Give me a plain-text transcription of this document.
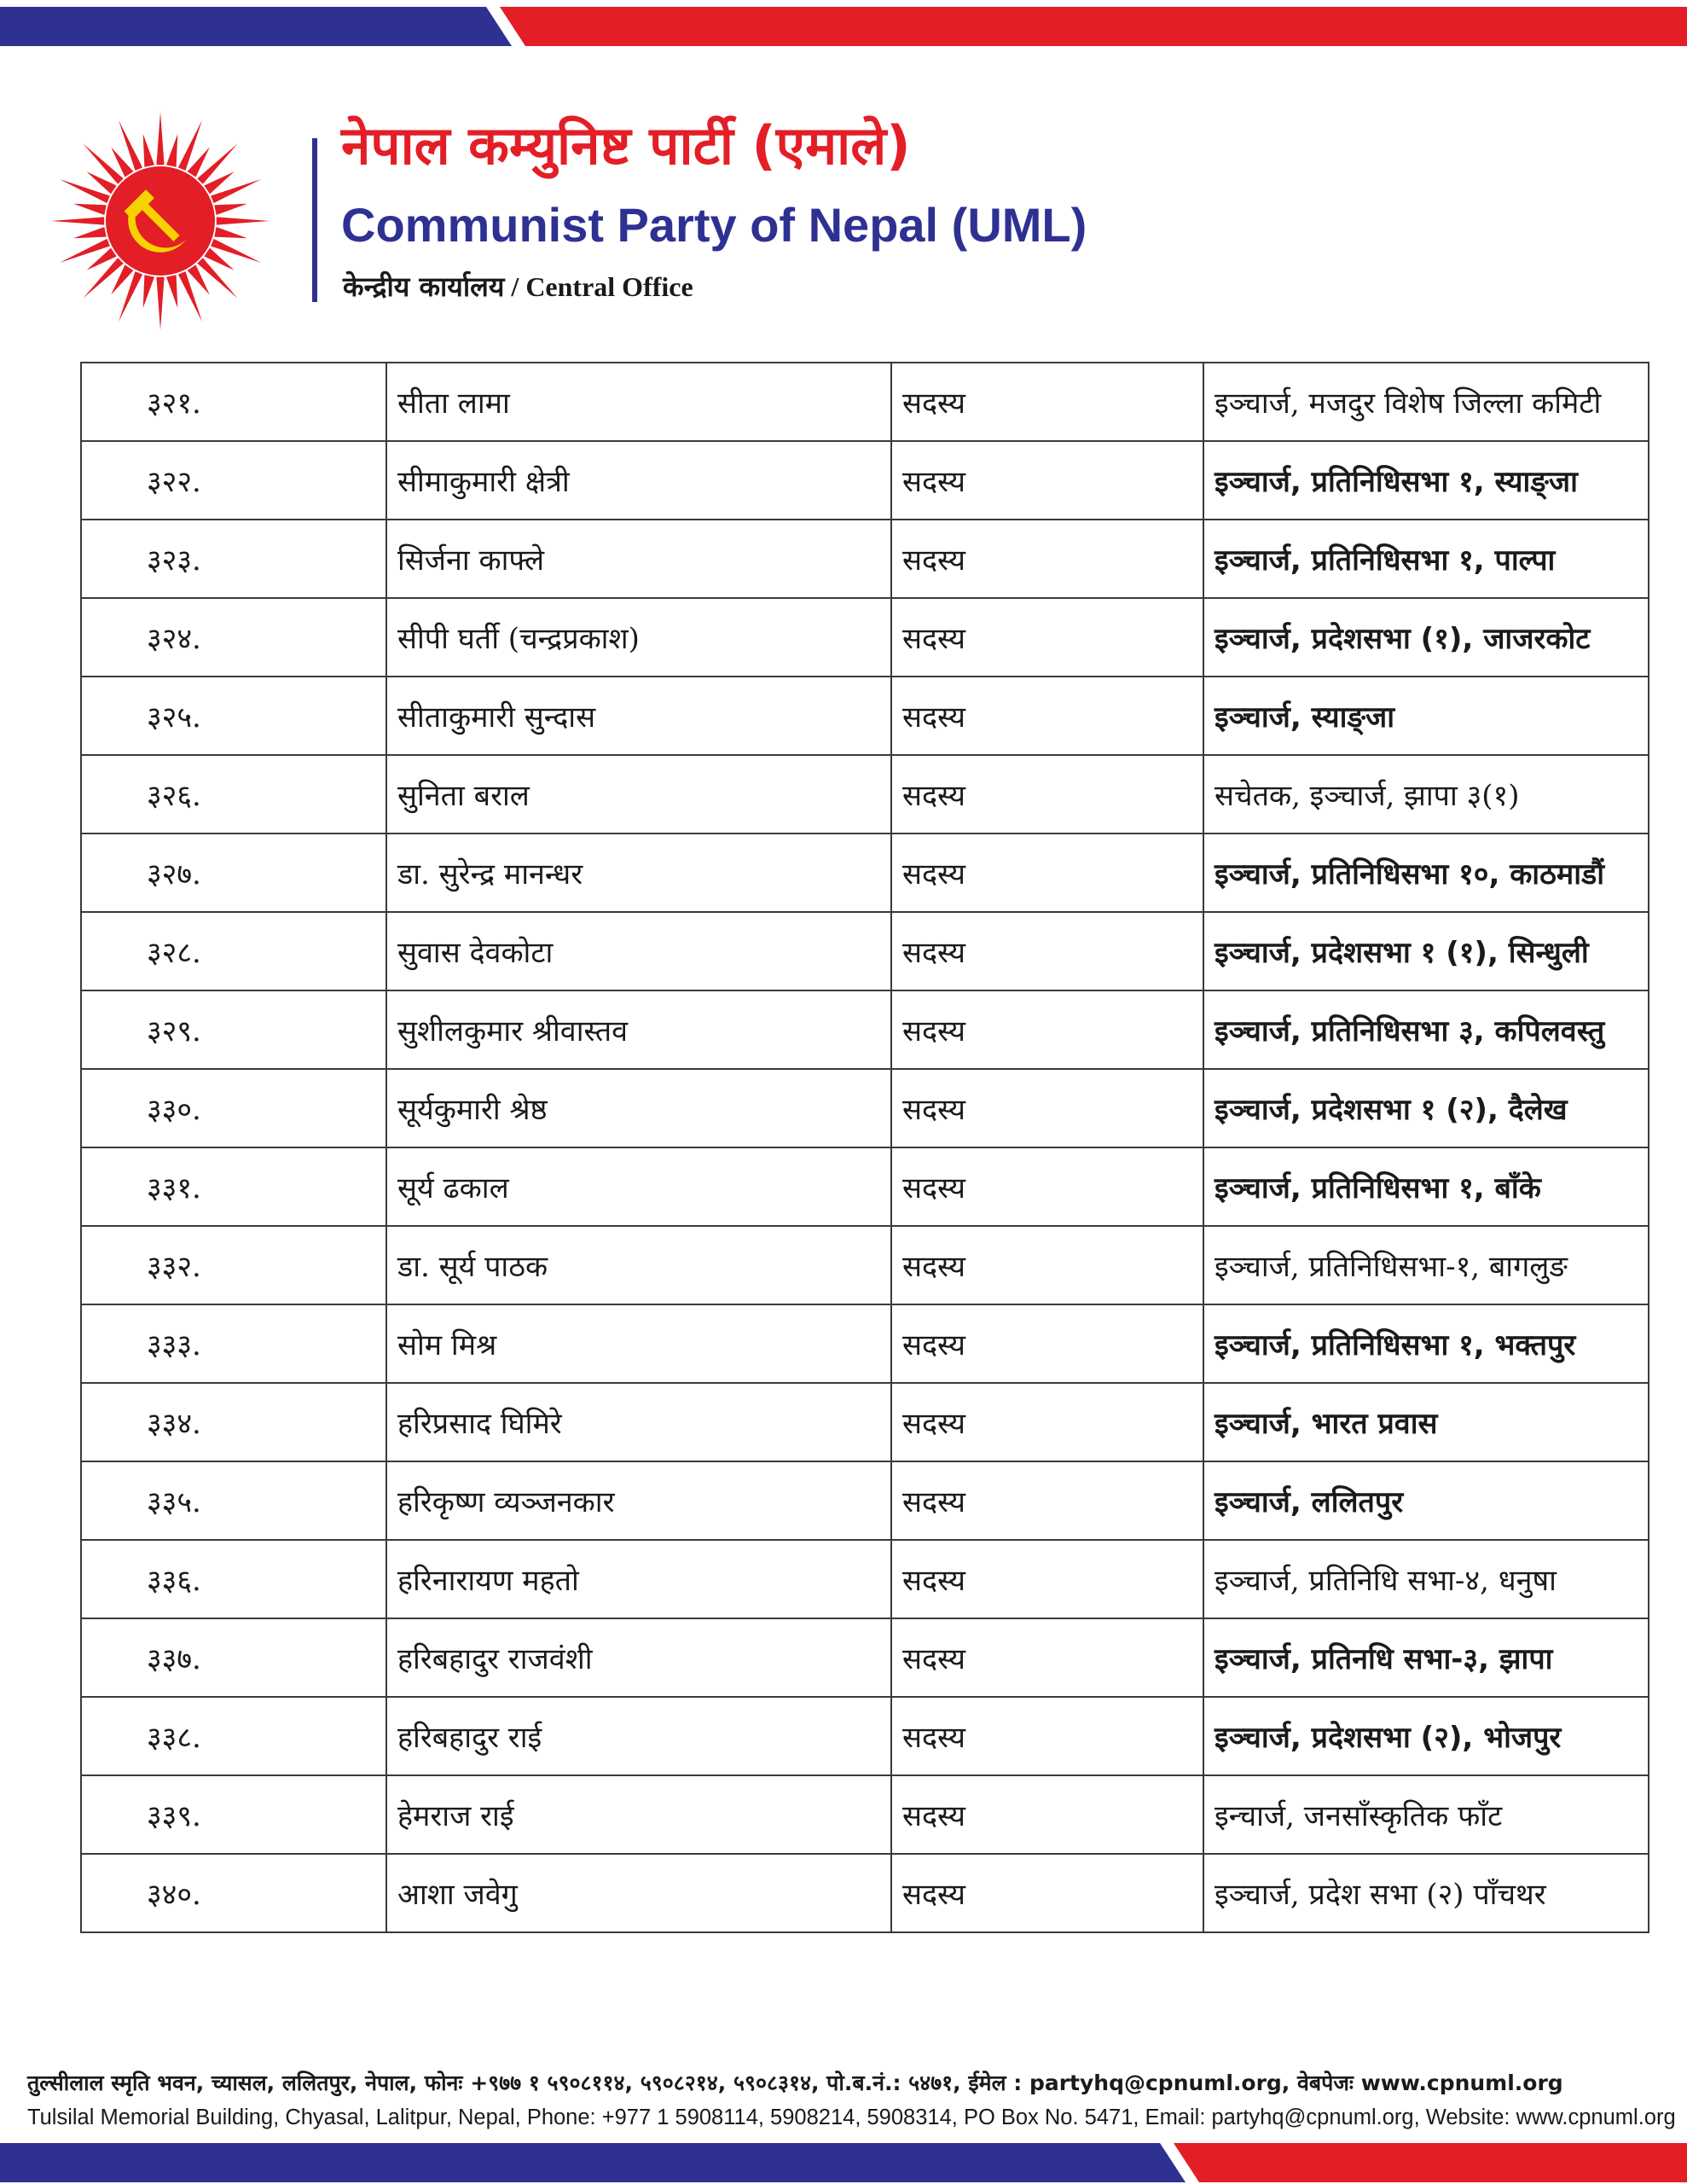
नेपाल कम्युनिष्ट पार्टी (एमाले)
Communist Party of Nepal (UML)
केन्द्रीय कार्यालय / Central Office
३२१.	सीता लामा	सदस्य	इञ्चार्ज, मजदुर विशेष जिल्ला कमिटी
३२२.	सीमाकुमारी क्षेत्री	सदस्य	इञ्चार्ज, प्रतिनिधिसभा १, स्याङ्जा
३२३.	सिर्जना काफ्ले	सदस्य	इञ्चार्ज, प्रतिनिधिसभा १, पाल्पा
३२४.	सीपी घर्ती (चन्द्रप्रकाश)	सदस्य	इञ्चार्ज, प्रदेशसभा (१), जाजरकोट
३२५.	सीताकुमारी सुन्दास	सदस्य	इञ्चार्ज, स्याङ्जा
३२६.	सुनिता बराल	सदस्य	सचेतक, इञ्चार्ज, झापा ३(१)
३२७.	डा. सुरेन्द्र मानन्धर	सदस्य	इञ्चार्ज, प्रतिनिधिसभा १०, काठमाडौं
३२८.	सुवास देवकोटा	सदस्य	इञ्चार्ज, प्रदेशसभा १ (१), सिन्धुली
३२९.	सुशीलकुमार श्रीवास्तव	सदस्य	इञ्चार्ज, प्रतिनिधिसभा ३, कपिलवस्तु
३३०.	सूर्यकुमारी श्रेष्ठ	सदस्य	इञ्चार्ज, प्रदेशसभा १ (२), दैलेख
३३१.	सूर्य ढकाल	सदस्य	इञ्चार्ज, प्रतिनिधिसभा १, बाँके
३३२.	डा. सूर्य पाठक	सदस्य	इञ्चार्ज, प्रतिनिधिसभा-१, बागलुङ
३३३.	सोम मिश्र	सदस्य	इञ्चार्ज, प्रतिनिधिसभा १, भक्तपुर
३३४.	हरिप्रसाद घिमिरे	सदस्य	इञ्चार्ज, भारत प्रवास
३३५.	हरिकृष्ण व्यञ्जनकार	सदस्य	इञ्चार्ज, ललितपुर
३३६.	हरिनारायण महतो	सदस्य	इञ्चार्ज, प्रतिनिधि सभा-४, धनुषा
३३७.	हरिबहादुर राजवंशी	सदस्य	इञ्चार्ज, प्रतिनधि सभा-३, झापा
३३८.	हरिबहादुर राई	सदस्य	इञ्चार्ज, प्रदेशसभा (२), भोजपुर
३३९.	हेमराज राई	सदस्य	इन्चार्ज, जनसाँस्कृतिक फाँट
३४०.	आशा जवेगु	सदस्य	इञ्चार्ज, प्रदेश सभा (२) पाँचथर
तुल्सीलाल स्मृति भवन, च्यासल, ललितपुर, नेपाल, फोनः +९७७ १ ५९०८११४, ५९०८२१४, ५९०८३१४, पो.ब.नं.: ५४७१, ईमेल : partyhq@cpnuml.org, वेबपेजः www.cpnuml.org
Tulsilal Memorial Building, Chyasal, Lalitpur, Nepal, Phone: +977 1 5908114, 5908214, 5908314, PO Box No. 5471, Email: partyhq@cpnuml.org, Website: www.cpnuml.org
